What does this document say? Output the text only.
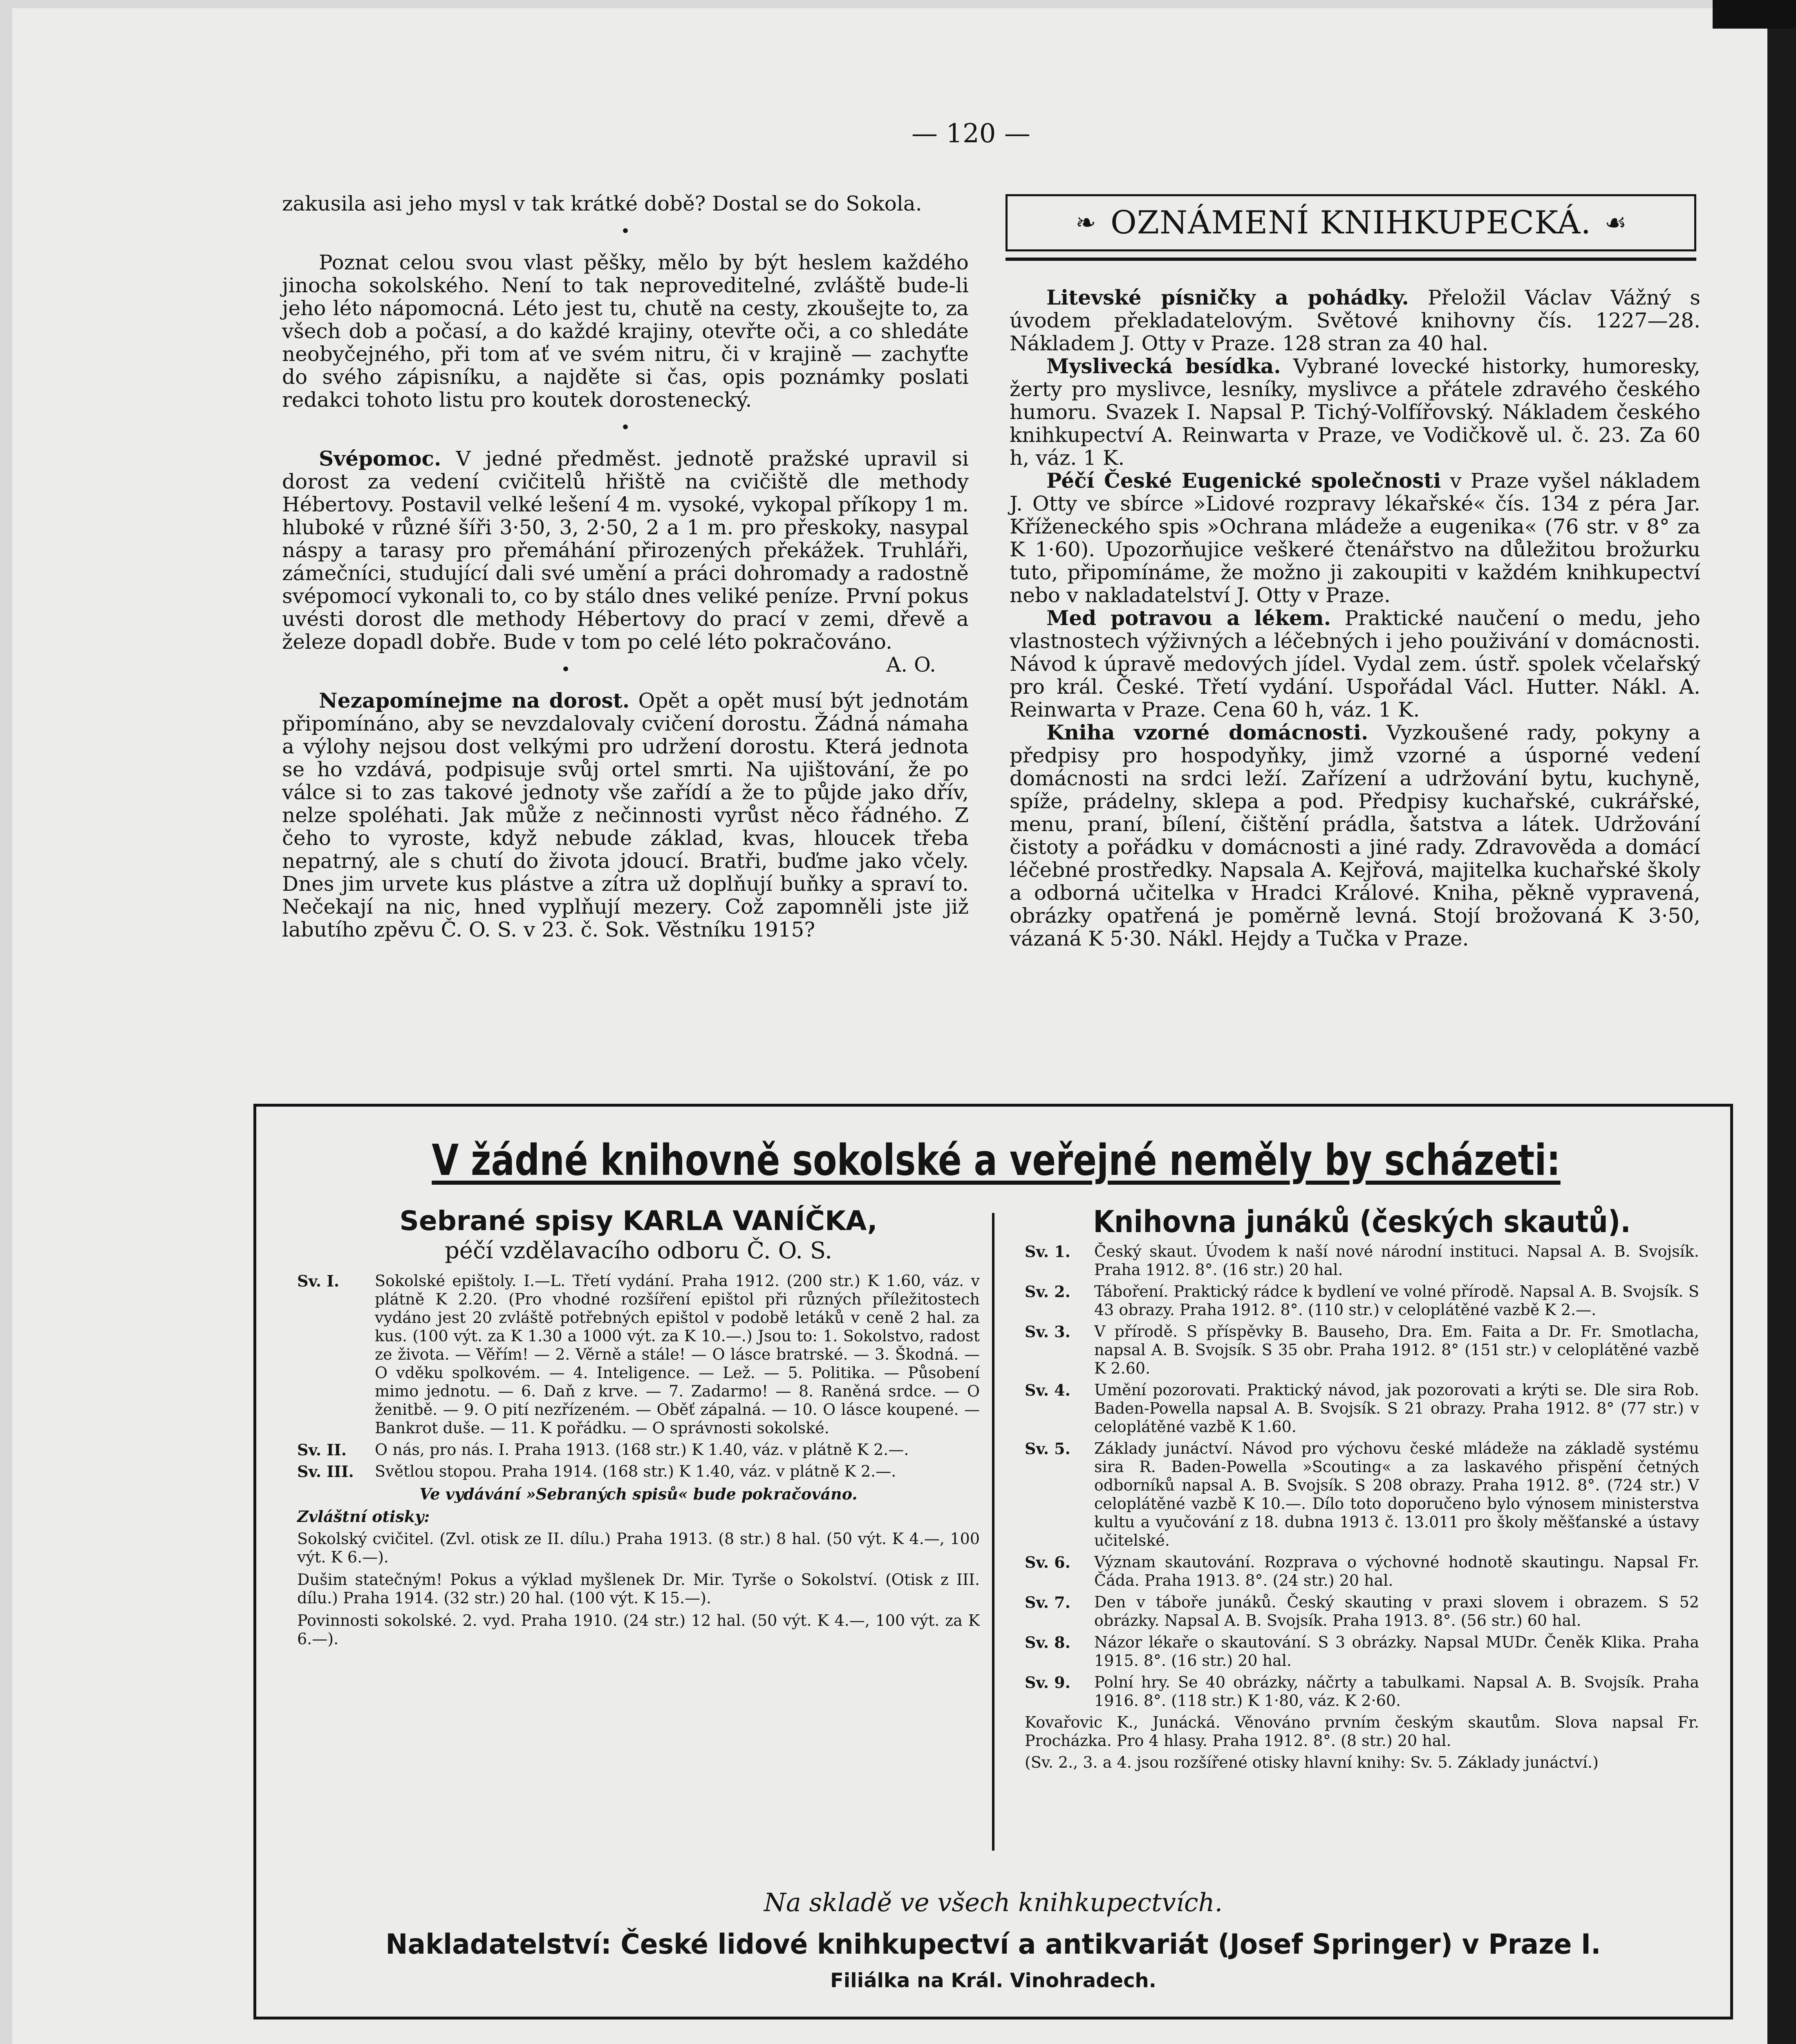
— 120 —

zakusila asi jeho mysl v tak krátké době? Dostal se do Sokola.

•

Poznat celou svou vlast pěšky, mělo by být heslem každého jinocha sokolského. Není to tak neproveditelné, zvláště bude-li jeho léto nápomocná. Léto jest tu, chutě na cesty, zkoušejte to, za všech dob a počasí, a do každé krajiny, otevřte oči, a co shledáte neobyčejného, při tom ať ve svém nitru, či v krajině — zachyťte do svého zápisníku, a najděte si čas, opis poznámky poslati redakci tohoto listu pro koutek dorostenecký.

•

Svépomoc. V jedné předměst. jednotě pražské upravil si dorost za vedení cvičitelů hřiště na cvičiště dle methody Hébertovy. Postavil velké lešení 4 m. vysoké, vykopal příkopy 1 m. hluboké v různé šíři 3·50, 3, 2·50, 2 a 1 m. pro přeskoky, nasypal náspy a tarasy pro přemáhání přirozených překážek. Truhláři, zámečníci, studující dali své umění a práci dohromady a radostně svépomocí vykonali to, co by stálo dnes veliké peníze. První pokus uvésti dorost dle methody Hébertovy do prací v zemi, dřevě a železe dopadl dobře. Bude v tom po celé léto pokračováno.
A. O.

•

Nezapomínejme na dorost. Opět a opět musí být jednotám připomínáno, aby se nevzdalovaly cvičení dorostu. Žádná námaha a výlohy nejsou dost velkými pro udržení dorostu. Která jednota se ho vzdává, podpisuje svůj ortel smrti. Na ujištování, že po válce si to zas takové jednoty vše zařídí a že to půjde jako dřív, nelze spoléhati. Jak může z nečinnosti vyrůst něco řádného. Z čeho to vyroste, když nebude základ, kvas, hloucek třeba nepatrný, ale s chutí do života jdoucí. Bratři, buďme jako včely. Dnes jim urvete kus plástve a zítra už doplňují buňky a spraví to. Nečekají na nic, hned vyplňují mezery. Což zapomněli jste již labutího zpěvu Č. O. S. v 23. č. Sok. Věstníku 1915?

❧ OZNÁMENÍ KNIHKUPECKÁ. ☙

Litevské písničky a pohádky. Přeložil Václav Vážný s úvodem překladatelovým. Světové knihovny čís. 1227—28. Nákladem J. Otty v Praze. 128 stran za 40 hal.

Myslivecká besídka. Vybrané lovecké historky, humoresky, žerty pro myslivce, lesníky, myslivce a přátele zdravého českého humoru. Svazek I. Napsal P. Tichý-Volfířovský. Nákladem českého knihkupectví A. Reinwarta v Praze, ve Vodičkově ul. č. 23. Za 60 h, váz. 1 K.

Péčí České Eugenické společnosti v Praze vyšel nákladem J. Otty ve sbírce »Lidové rozpravy lékařské« čís. 134 z péra Jar. Kříženeckého spis »Ochrana mládeže a eugenika« (76 str. v 8° za K 1·60). Upozorňujice veškeré čtenářstvo na důležitou brožurku tuto, připomínáme, že možno ji zakoupiti v každém knihkupectví nebo v nakladatelství J. Otty v Praze.

Med potravou a lékem. Praktické naučení o medu, jeho vlastnostech výživných a léčebných i jeho použivání v domácnosti. Návod k úpravě medových jídel. Vydal zem. ústř. spolek včelařský pro král. České. Třetí vydání. Uspořádal Václ. Hutter. Nákl. A. Reinwarta v Praze. Cena 60 h, váz. 1 K.

Kniha vzorné domácnosti. Vyzkoušené rady, pokyny a předpisy pro hospodyňky, jimž vzorné a úsporné vedení domácnosti na srdci leží. Zařízení a udržování bytu, kuchyně, spíže, prádelny, sklepa a pod. Předpisy kuchařské, cukrářské, menu, praní, bílení, čištění prádla, šatstva a látek. Udržování čistoty a pořádku v domácnosti a jiné rady. Zdravověda a domácí léčebné prostředky. Napsala A. Kejřová, majitelka kuchařské školy a odborná učitelka v Hradci Králové. Kniha, pěkně vypravená, obrázky opatřená je poměrně levná. Stojí brožovaná K 3·50, vázaná K 5·30. Nákl. Hejdy a Tučka v Praze.

V žádné knihovně sokolské a veřejné neměly by scházeti:
Sebrané spisy KARLA VANÍČKA,
péčí vzdělavacího odboru Č. O. S.
Sv. I.	Sokolské epištoly. I.—L. Třetí vydání. Praha 1912. (200 str.) K 1.60, váz. v plátně K 2.20. (Pro vhodné rozšíření epištol při různých příležitostech vydáno jest 20 zvláště potřebných epištol v podobě letáků v ceně 2 hal. za kus. (100 výt. za K 1.30 a 1000 výt. za K 10.—.) Jsou to: 1. Sokolstvo, radost ze života. — Věřím! — 2. Věrně a stále! — O lásce bratrské. — 3. Škodná. — O vděku spolkovém. — 4. Inteligence. — Lež. — 5. Politika. — Působení mimo jednotu. — 6. Daň z krve. — 7. Zadarmo! — 8. Raněná srdce. — O ženitbě. — 9. O pití nezřízeném. — Oběť zápalná. — 10. O lásce koupené. — Bankrot duše. — 11. K pořádku. — O správnosti sokolské.
Sv. II.	O nás, pro nás. I. Praha 1913. (168 str.) K 1.40, váz. v plátně K 2.—.
Sv. III.	Světlou stopou. Praha 1914. (168 str.) K 1.40, váz. v plátně K 2.—.

Ve vydávání »Sebraných spisů« bude pokračováno.

Zvláštní otisky:

Sokolský cvičitel. (Zvl. otisk ze II. dílu.) Praha 1913. (8 str.) 8 hal. (50 výt. K 4.—, 100 výt. K 6.—).

Dušim statečným! Pokus a výklad myšlenek Dr. Mir. Tyrše o Sokolství. (Otisk z III. dílu.) Praha 1914. (32 str.) 20 hal. (100 výt. K 15.—).

Povinnosti sokolské. 2. vyd. Praha 1910. (24 str.) 12 hal. (50 výt. K 4.—, 100 výt. za K 6.—).

Knihovna junáků (českých skautů).
Sv. 1.	Český skaut. Úvodem k naší nové národní instituci. Napsal A. B. Svojsík. Praha 1912. 8°. (16 str.) 20 hal.
Sv. 2.	Táboření. Praktický rádce k bydlení ve volné přírodě. Napsal A. B. Svojsík. S 43 obrazy. Praha 1912. 8°. (110 str.) v celoplátěné vazbě K 2.—.
Sv. 3.	V přírodě. S příspěvky B. Bauseho, Dra. Em. Faita a Dr. Fr. Smotlacha, napsal A. B. Svojsík. S 35 obr. Praha 1912. 8° (151 str.) v celoplátěné vazbě K 2.60.
Sv. 4.	Umění pozorovati. Praktický návod, jak pozorovati a krýti se. Dle sira Rob. Baden-Powella napsal A. B. Svojsík. S 21 obrazy. Praha 1912. 8° (77 str.) v celoplátěné vazbě K 1.60.
Sv. 5.	Základy junáctví. Návod pro výchovu české mládeže na základě systému sira R. Baden-Powella »Scouting« a za laskavého přispění četných odborníků napsal A. B. Svojsík. S 208 obrazy. Praha 1912. 8°. (724 str.) V celoplátěné vazbě K 10.—. Dílo toto doporučeno bylo výnosem ministerstva kultu a vyučování z 18. dubna 1913 č. 13.011 pro školy měšťanské a ústavy učitelské.
Sv. 6.	Význam skautování. Rozprava o výchovné hodnotě skautingu. Napsal Fr. Čáda. Praha 1913. 8°. (24 str.) 20 hal.
Sv. 7.	Den v táboře junáků. Český skauting v praxi slovem i obrazem. S 52 obrázky. Napsal A. B. Svojsík. Praha 1913. 8°. (56 str.) 60 hal.
Sv. 8.	Názor lékaře o skautování. S 3 obrázky. Napsal MUDr. Čeněk Klika. Praha 1915. 8°. (16 str.) 20 hal.
Sv. 9.	Polní hry. Se 40 obrázky, náčrty a tabulkami. Napsal A. B. Svojsík. Praha 1916. 8°. (118 str.) K 1·80, váz. K 2·60.
Kovařovic K., Junácká. Věnováno prvním českým skautům. Slova napsal Fr. Procházka. Pro 4 hlasy. Praha 1912. 8°. (8 str.) 20 hal.
(Sv. 2., 3. a 4. jsou rozšířené otisky hlavní knihy: Sv. 5. Základy junáctví.)
Na skladě ve všech knihkupectvích.
Nakladatelství: České lidové knihkupectví a antikvariát (Josef Springer) v Praze I.
Filiálka na Král. Vinohradech.
